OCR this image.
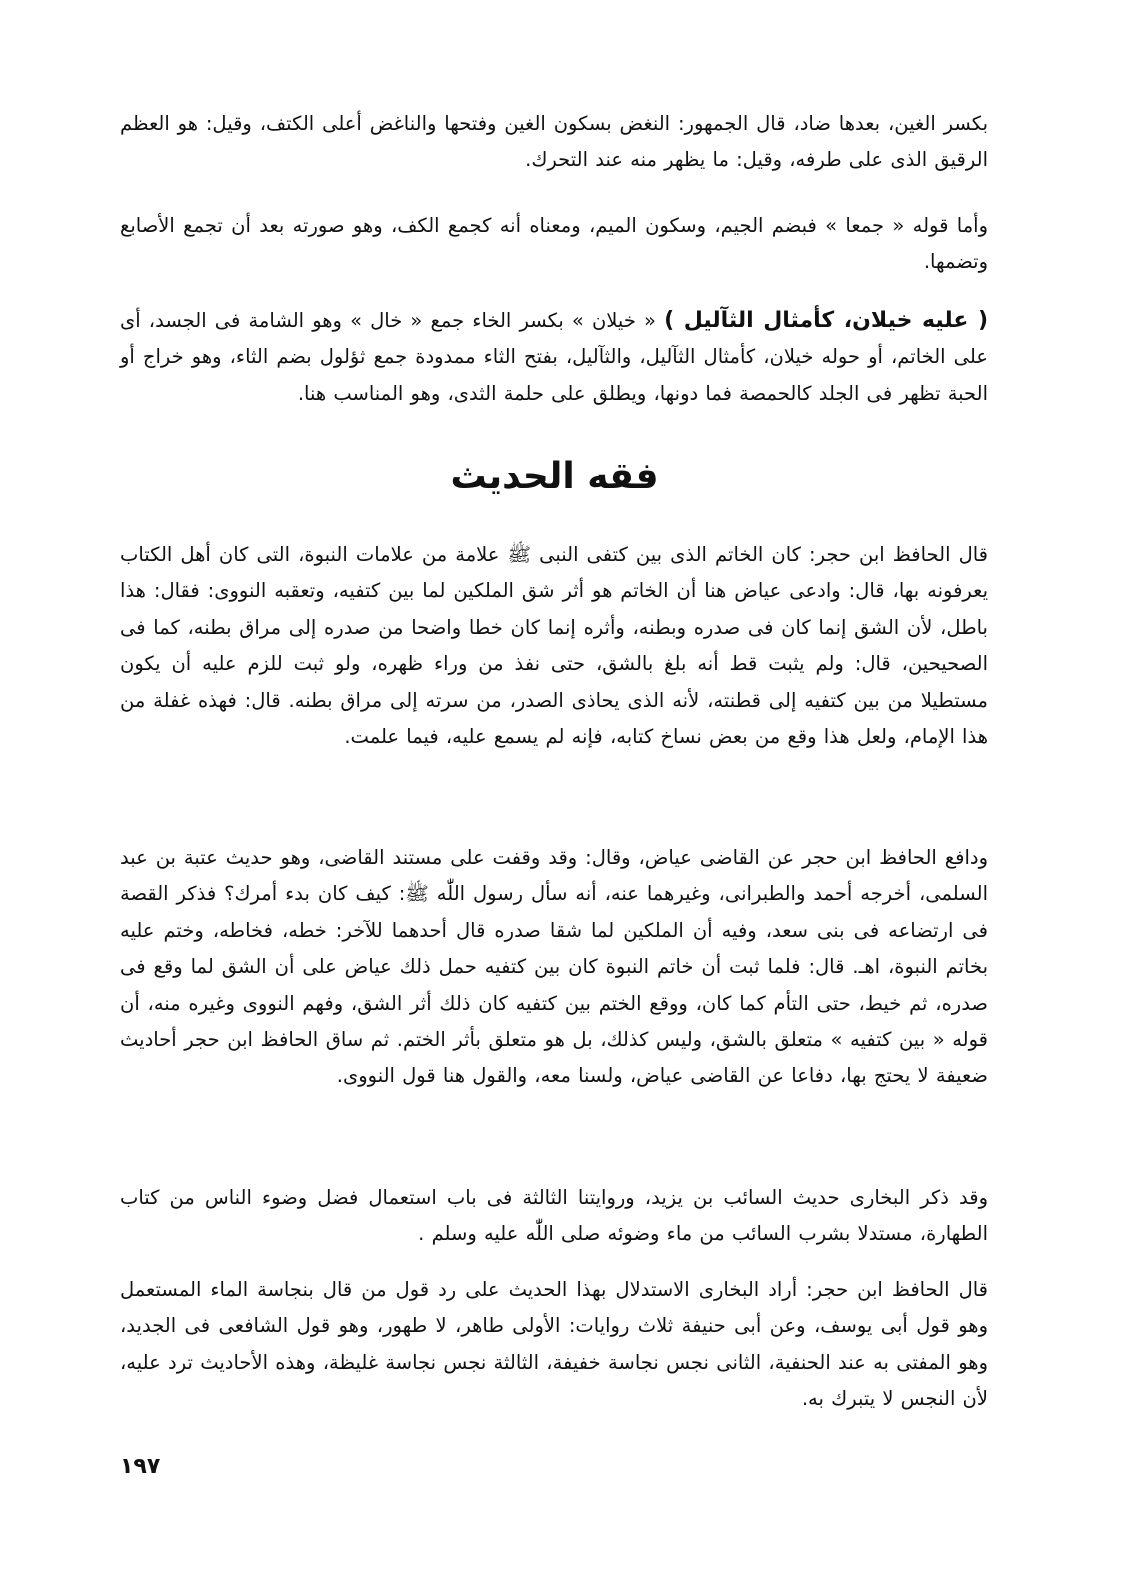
بكسر الغين، بعدها ضاد، قال الجمهور: النغض بسكون الغين وفتحها والناغض أعلى الكتف، وقيل: هو العظم الرقيق الذى على طرفه، وقيل: ما يظهر منه عند التحرك.

وأما قوله « جمعا » فبضم الجيم، وسكون الميم، ومعناه أنه كجمع الكف، وهو صورته بعد أن تجمع الأصابع وتضمها.

( عليه خيلان، كأمثال الثآليل ) « خيلان » بكسر الخاء جمع « خال » وهو الشامة فى الجسد، أى على الخاتم، أو حوله خيلان، كأمثال الثآليل، والثآليل، بفتح الثاء ممدودة جمع ثؤلول بضم الثاء، وهو خراج أو الحبة تظهر فى الجلد كالحمصة فما دونها، ويطلق على حلمة الثدى، وهو المناسب هنا.

فقه الحديث

قال الحافظ ابن حجر: كان الخاتم الذى بين كتفى النبى ﷺ علامة من علامات النبوة، التى كان أهل الكتاب يعرفونه بها، قال: وادعى عياض هنا أن الخاتم هو أثر شق الملكين لما بين كتفيه، وتعقبه النووى: فقال: هذا باطل، لأن الشق إنما كان فى صدره وبطنه، وأثره إنما كان خطا واضحا من صدره إلى مراق بطنه، كما فى الصحيحين، قال: ولم يثبت قط أنه بلغ بالشق، حتى نفذ من وراء ظهره، ولو ثبت للزم عليه أن يكون مستطيلا من بين كتفيه إلى قطنته، لأنه الذى يحاذى الصدر، من سرته إلى مراق بطنه. قال: فهذه غفلة من هذا الإمام، ولعل هذا وقع من بعض نساخ كتابه، فإنه لم يسمع عليه، فيما علمت.

ودافع الحافظ ابن حجر عن القاضى عياض، وقال: وقد وقفت على مستند القاضى، وهو حديث عتبة بن عبد السلمى، أخرجه أحمد والطبرانى، وغيرهما عنه، أنه سأل رسول اللّٰه ﷺ: كيف كان بدء أمرك؟ فذكر القصة فى ارتضاعه فى بنى سعد، وفيه أن الملكين لما شقا صدره قال أحدهما للآخر: خطه، فخاطه، وختم عليه بخاتم النبوة، اهـ. قال: فلما ثبت أن خاتم النبوة كان بين كتفيه حمل ذلك عياض على أن الشق لما وقع فى صدره، ثم خيط، حتى التأم كما كان، ووقع الختم بين كتفيه كان ذلك أثر الشق، وفهم النووى وغيره منه، أن قوله « بين كتفيه » متعلق بالشق، وليس كذلك، بل هو متعلق بأثر الختم. ثم ساق الحافظ ابن حجر أحاديث ضعيفة لا يحتج بها، دفاعا عن القاضى عياض، ولسنا معه، والقول هنا قول النووى.

وقد ذكر البخارى حديث السائب بن يزيد، وروايتنا الثالثة فى باب استعمال فضل وضوء الناس من كتاب الطهارة، مستدلا بشرب السائب من ماء وضوئه صلى اللّٰه عليه وسلم .

قال الحافظ ابن حجر: أراد البخارى الاستدلال بهذا الحديث على رد قول من قال بنجاسة الماء المستعمل وهو قول أبى يوسف، وعن أبى حنيفة ثلاث روايات: الأولى طاهر، لا طهور، وهو قول الشافعى فى الجديد، وهو المفتى به عند الحنفية، الثانى نجس نجاسة خفيفة، الثالثة نجس نجاسة غليظة، وهذه الأحاديث ترد عليه، لأن النجس لا يتبرك به.

١٩٧
